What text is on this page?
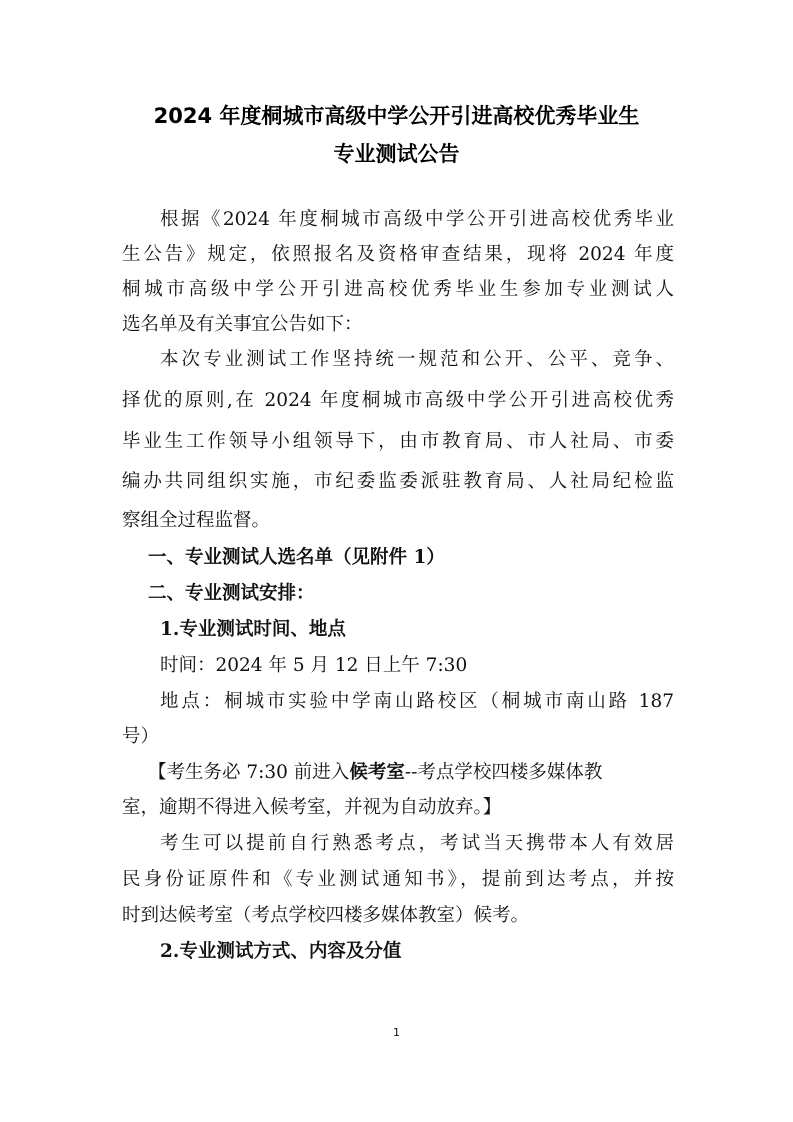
2024 年度桐城市高级中学公开引进高校优秀毕业生
专业测试公告
根据《2024 年度桐城市高级中学公开引进高校优秀毕业
生公告》规定，依照报名及资格审查结果，现将 2024 年度
桐城市高级中学公开引进高校优秀毕业生参加专业测试人
选名单及有关事宜公告如下：
本次专业测试工作坚持统一规范和公开、公平、竞争、
择优的原则,在 2024 年度桐城市高级中学公开引进高校优秀
毕业生工作领导小组领导下，由市教育局、市人社局、市委
编办共同组织实施，市纪委监委派驻教育局、人社局纪检监
察组全过程监督。
一、专业测试人选名单（见附件 1）
二、专业测试安排：
1.专业测试时间、地点
时间：2024 年 5 月 12 日上午 7:30
地点：桐城市实验中学南山路校区（桐城市南山路 187
号）
【考生务必 7:30 前进入候考室--考点学校四楼多媒体教
室，逾期不得进入候考室，并视为自动放弃。】
考生可以提前自行熟悉考点，考试当天携带本人有效居
民身份证原件和《专业测试通知书》，提前到达考点，并按
时到达候考室（考点学校四楼多媒体教室）候考。
2.专业测试方式、内容及分值
1
